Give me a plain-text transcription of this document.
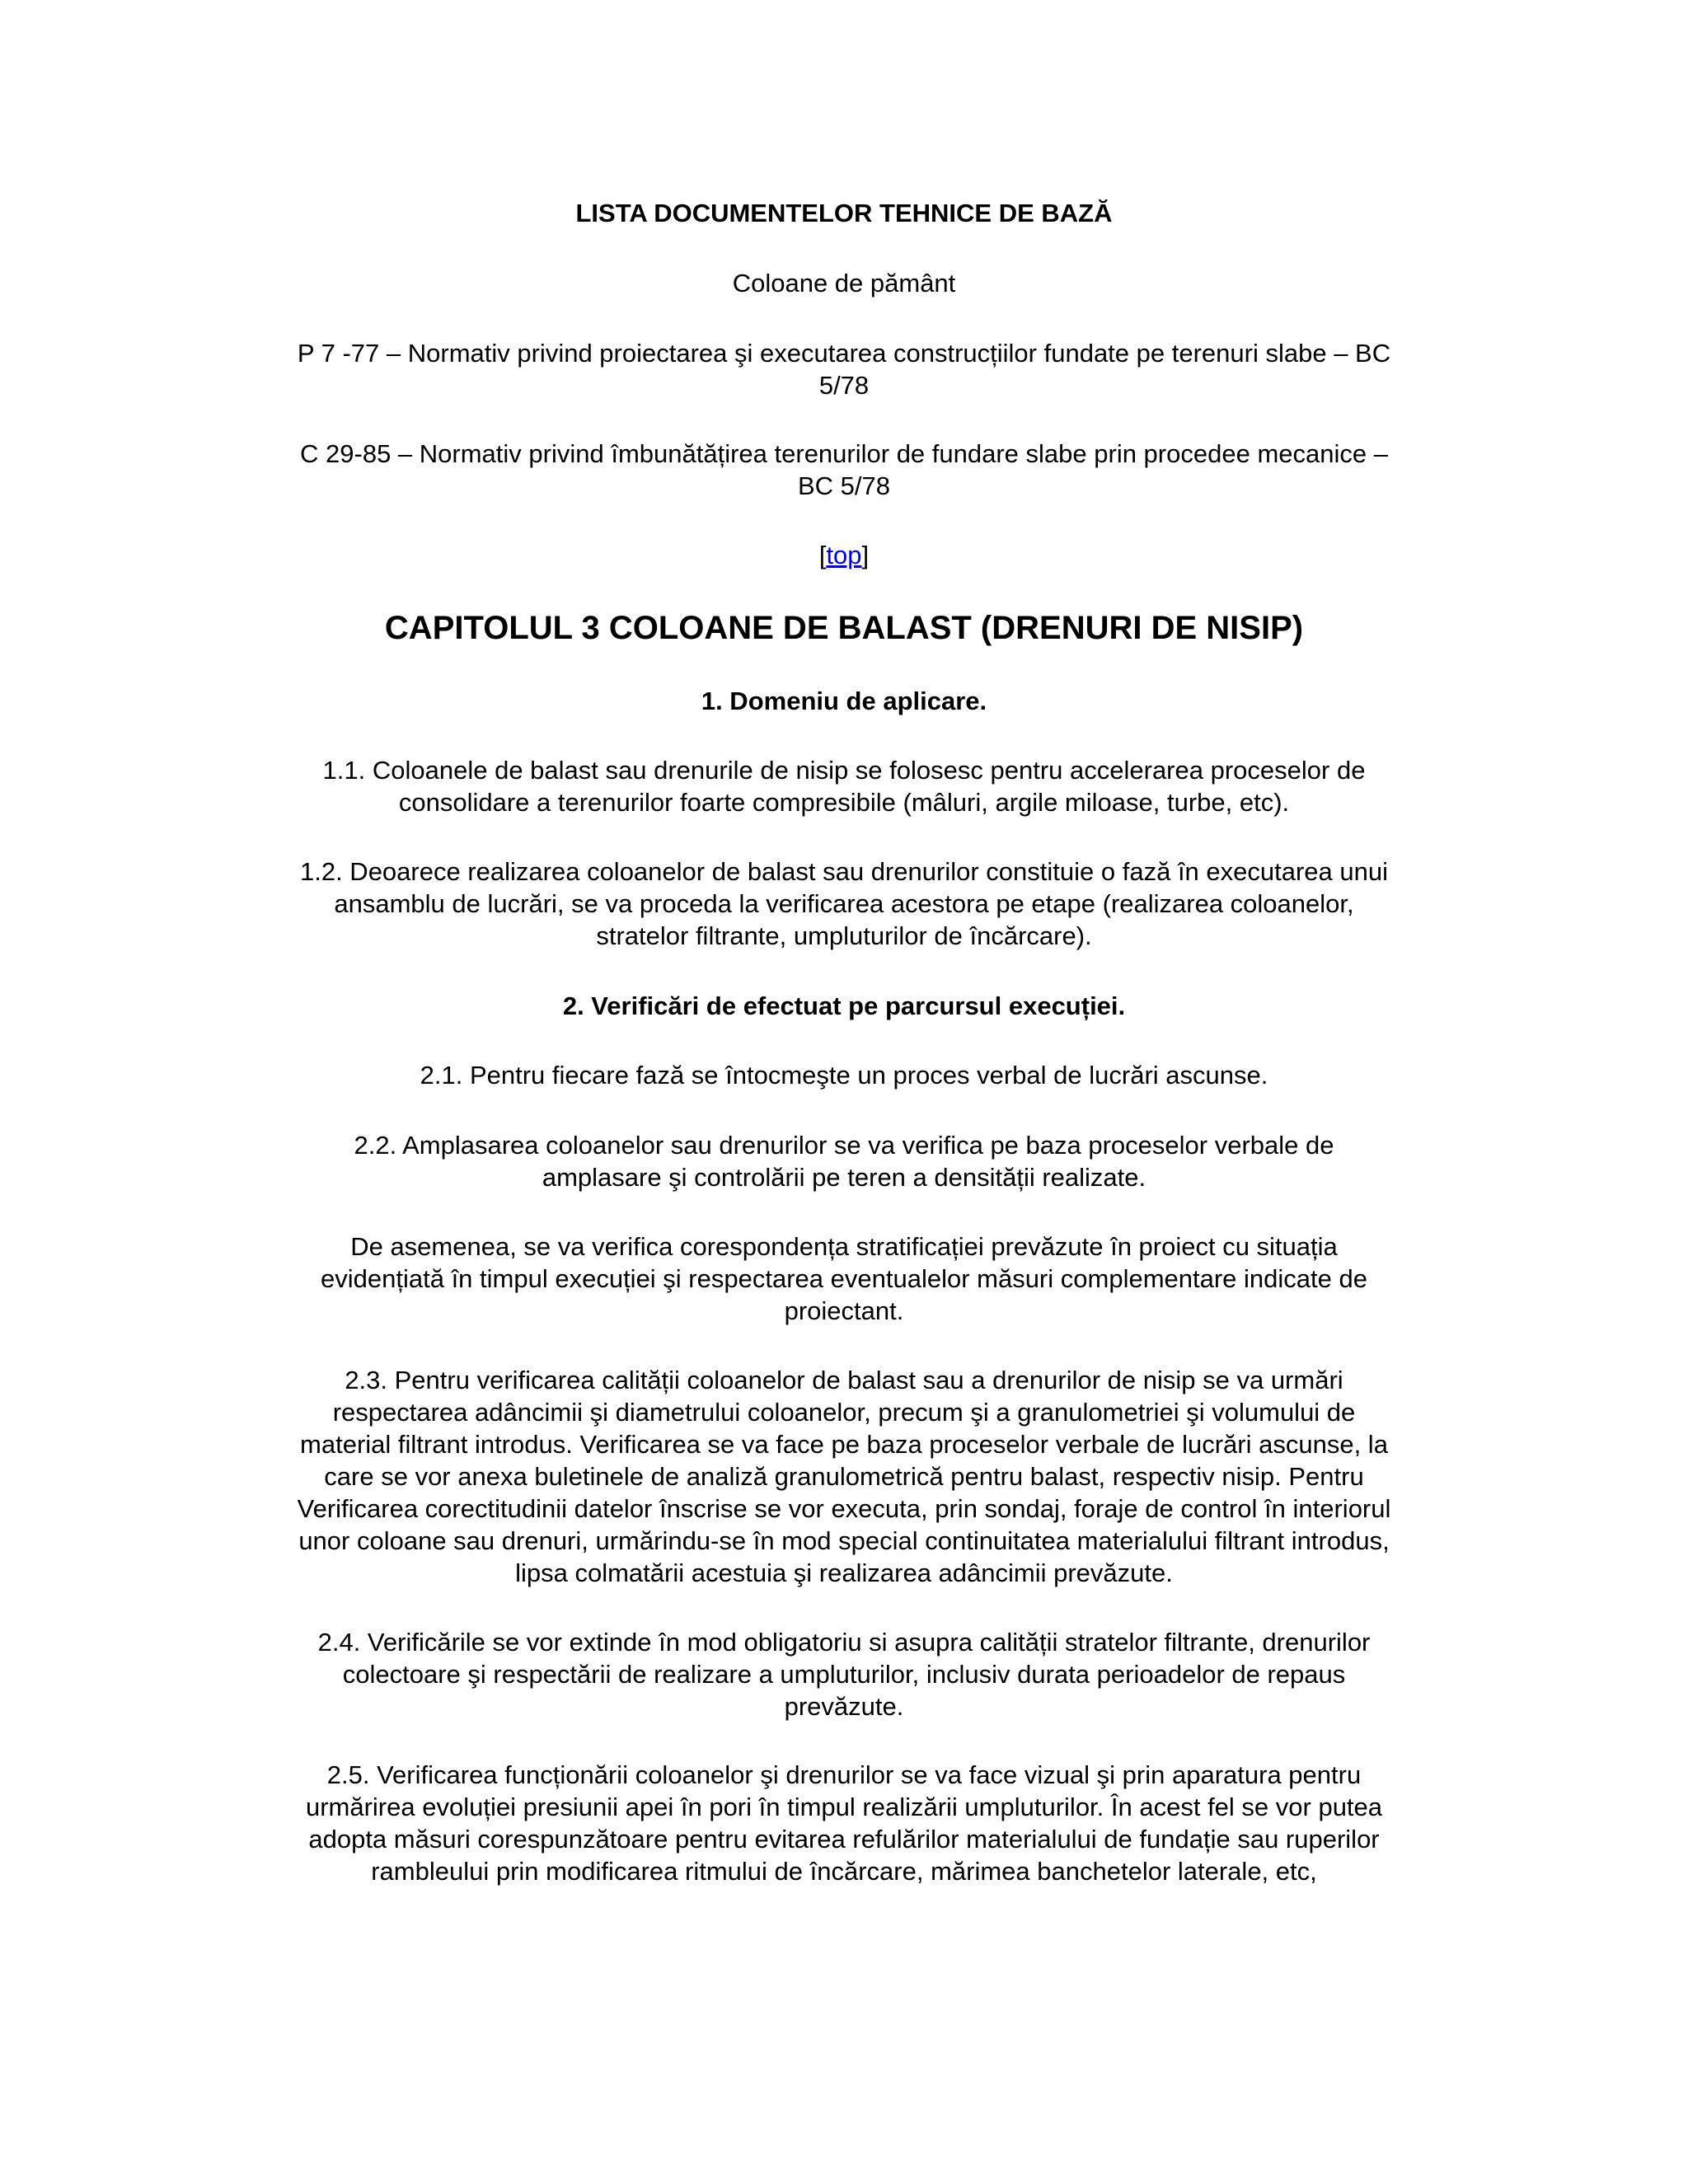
LISTA DOCUMENTELOR TEHNICE DE BAZĂ

Coloane de pământ

P 7 -77 – Normativ privind proiectarea şi executarea construcțiilor fundate pe terenuri slabe – BC
5/78

C 29-85 – Normativ privind îmbunătățirea terenurilor de fundare slabe prin procedee mecanice –
BC 5/78

[top]

CAPITOLUL 3 COLOANE DE BALAST (DRENURI DE NISIP)
1. Domeniu de aplicare.

1.1. Coloanele de balast sau drenurile de nisip se folosesc pentru accelerarea proceselor de
consolidare a terenurilor foarte compresibile (mâluri, argile miloase, turbe, etc).

1.2. Deoarece realizarea coloanelor de balast sau drenurilor constituie o fază în executarea unui
ansamblu de lucrări, se va proceda la verificarea acestora pe etape (realizarea coloanelor,
stratelor filtrante, umpluturilor de încărcare).

2. Verificări de efectuat pe parcursul execuției.

2.1. Pentru fiecare fază se întocmeşte un proces verbal de lucrări ascunse.

2.2. Amplasarea coloanelor sau drenurilor se va verifica pe baza proceselor verbale de
amplasare şi controlării pe teren a densității realizate.

De asemenea, se va verifica corespondența stratificației prevăzute în proiect cu situația
evidențiată în timpul execuției şi respectarea eventualelor măsuri complementare indicate de
proiectant.

2.3. Pentru verificarea calității coloanelor de balast sau a drenurilor de nisip se va urmări
respectarea adâncimii şi diametrului coloanelor, precum şi a granulometriei şi volumului de
material filtrant introdus. Verificarea se va face pe baza proceselor verbale de lucrări ascunse, la
care se vor anexa buletinele de analiză granulometrică pentru balast, respectiv nisip. Pentru
Verificarea corectitudinii datelor înscrise se vor executa, prin sondaj, foraje de control în interiorul
unor coloane sau drenuri, urmărindu-se în mod special continuitatea materialului filtrant introdus,
lipsa colmatării acestuia şi realizarea adâncimii prevăzute.

2.4. Verificările se vor extinde în mod obligatoriu si asupra calității stratelor filtrante, drenurilor
colectoare şi respectării de realizare a umpluturilor, inclusiv durata perioadelor de repaus
prevăzute.

2.5. Verificarea funcționării coloanelor şi drenurilor se va face vizual şi prin aparatura pentru
urmărirea evoluției presiunii apei în pori în timpul realizării umpluturilor. În acest fel se vor putea
adopta măsuri corespunzătoare pentru evitarea refulărilor materialului de fundație sau ruperilor
rambleului prin modificarea ritmului de încărcare, mărimea banchetelor laterale, etc,
